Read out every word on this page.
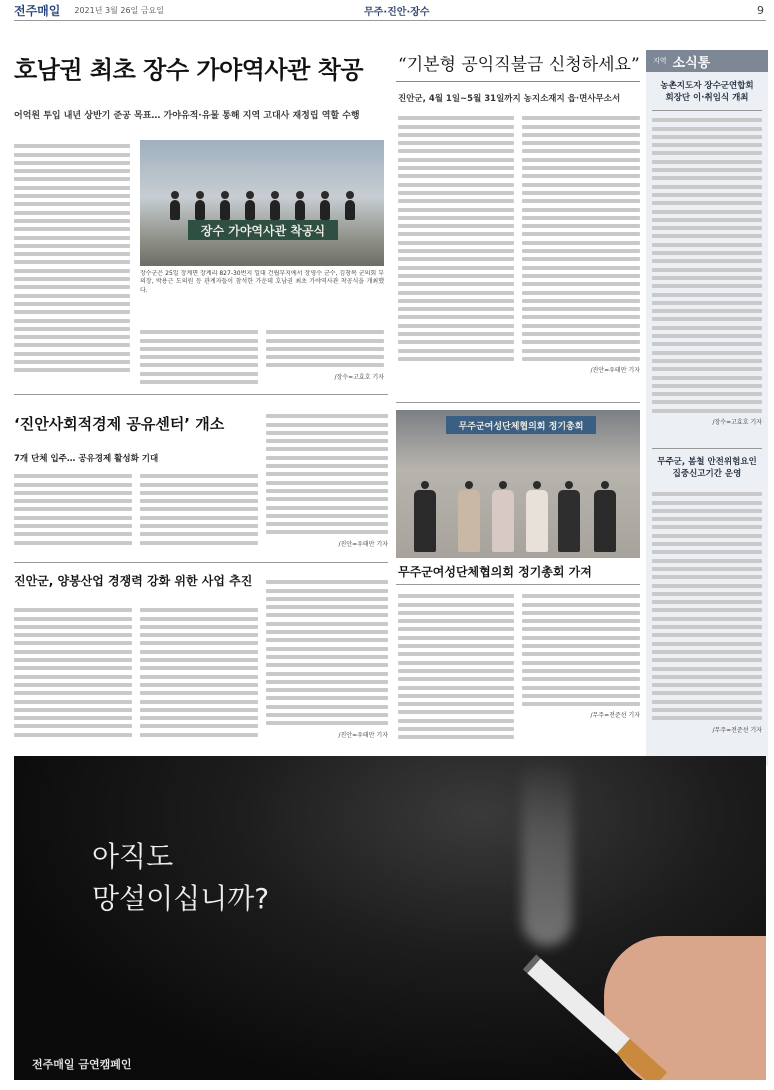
전주매일 2021년 3월 26일 금요일	무주·진안·장수	9
호남권 최초 장수 가야역사관 착공
어억원 투입 내년 상반기 준공 목표… 가야유적·유물 통해 지역 고대사 재정립 역할 수행
장수 가야역사관 착공식
장수군은 25일 장계면 장계리 827-30번지 일대 건립부지에서 장영수 군수, 김창복 군의회 부의장, 박용근 도의원 등 관계자들이 참석한 가운데 호남권 최초 가야역사관 착공식을 개최했다.
/장수=고효호 기자
“기본형 공익직불금 신청하세요”
진안군, 4월 1일~5월 31일까지 농지소재지 읍·면사무소서
/진안=우태만 기자
‘진안사회적경제 공유센터’ 개소
7개 단체 입주… 공유경제 활성화 기대
/진안=우태만 기자
무주군여성단체협의회 정기총회
무주군여성단체협의회 정기총회 가져
/무주=전준선 기자
진안군, 양봉산업 경쟁력 강화 위한 사업 추진
/진안=우태만 기자
지역 소식통
농촌지도자 장수군연합회
회장단 이·취임식 개최
/장수=고효호 기자
무주군, 봄철 안전위험요인
집중신고기간 운영
/무주=전준선 기자
아직도
망설이십니까?
전주매일 금연캠페인
